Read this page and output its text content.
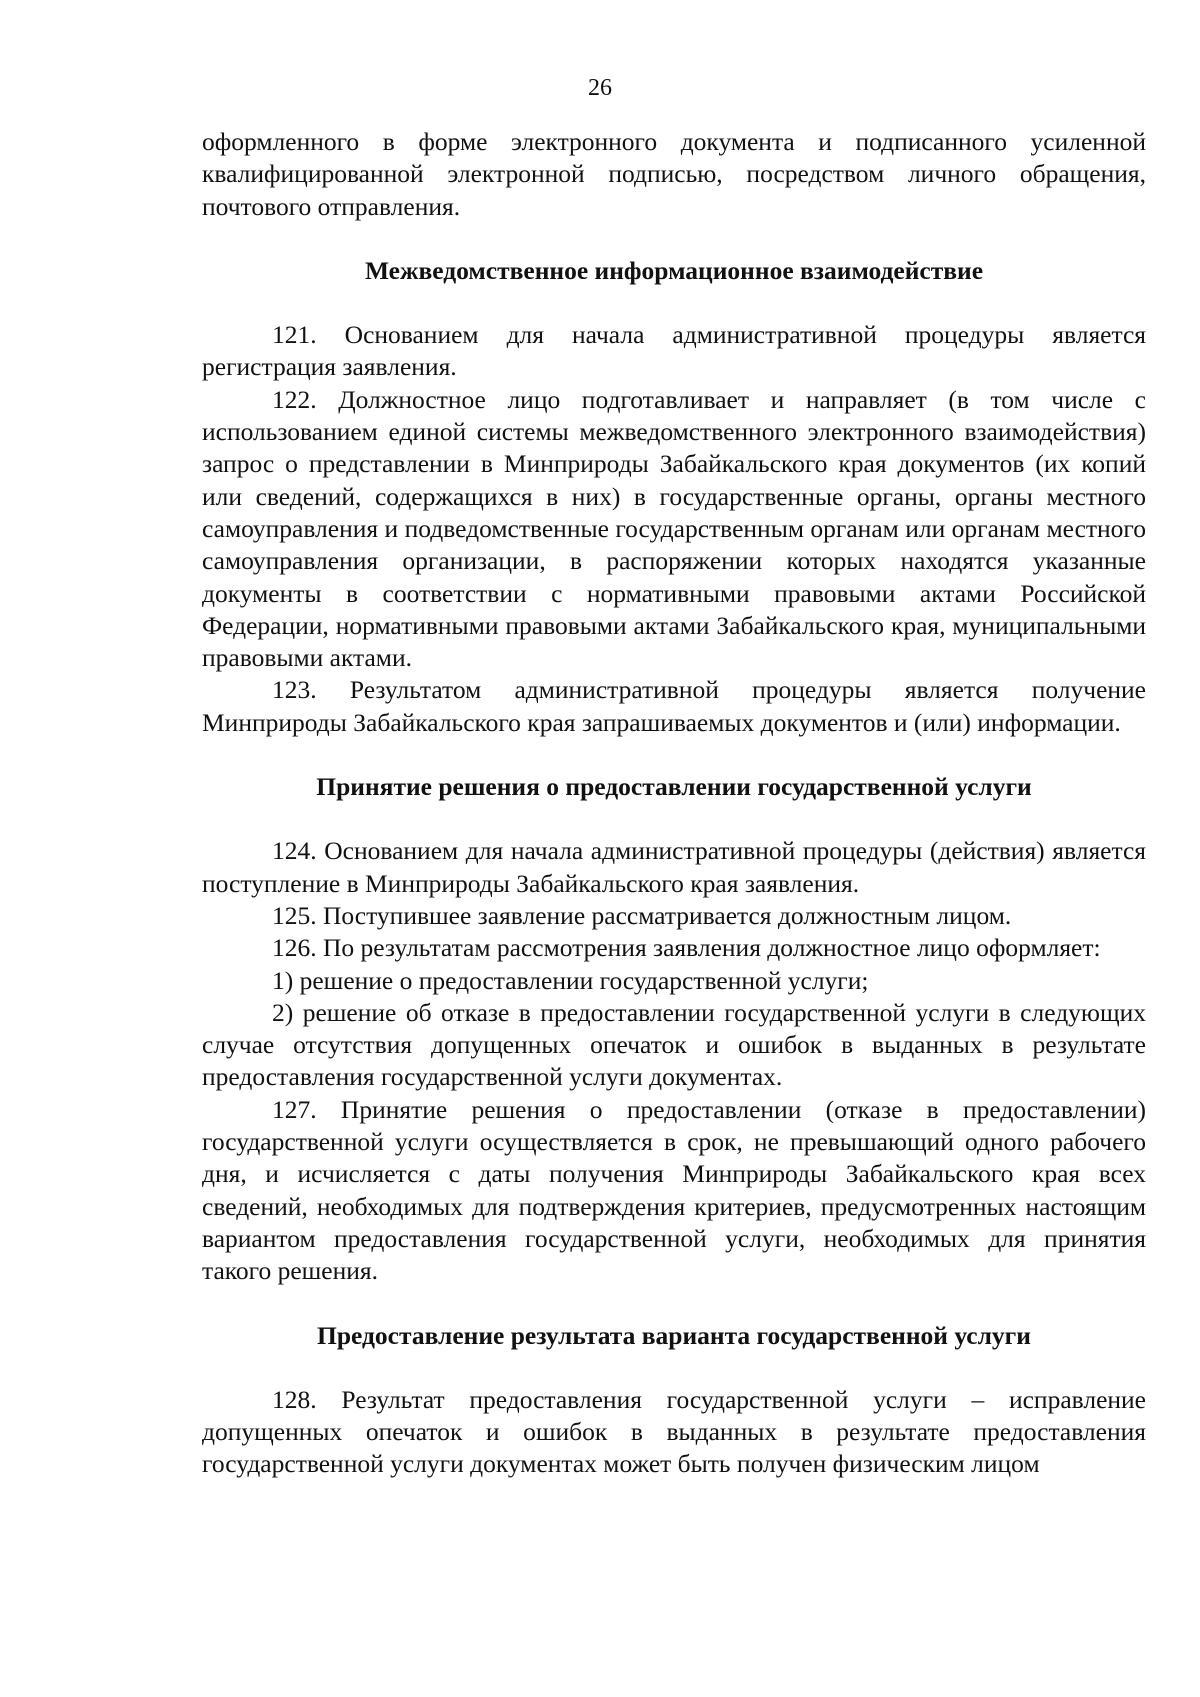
26

оформленного в форме электронного документа и подписанного усиленной квалифицированной электронной подписью, посредством личного обращения, почтового отправления.

Межведомственное информационное взаимодействие

121. Основанием для начала административной процедуры является регистрация заявления.

122. Должностное лицо подготавливает и направляет (в том числе с использованием единой системы межведомственного электронного взаимодействия) запрос о представлении в Минприроды Забайкальского края документов (их копий или сведений, содержащихся в них) в государственные органы, органы местного самоуправления и подведомственные государственным органам или органам местного самоуправления организации, в распоряжении которых находятся указанные документы в соответствии с нормативными правовыми актами Российской Федерации, нормативными правовыми актами Забайкальского края, муниципальными правовыми актами.

123. Результатом административной процедуры является получение Минприроды Забайкальского края запрашиваемых документов и (или) информации.

Принятие решения о предоставлении государственной услуги

124. Основанием для начала административной процедуры (действия) является поступление в Минприроды Забайкальского края заявления.

125. Поступившее заявление рассматривается должностным лицом.

126. По результатам рассмотрения заявления должностное лицо оформляет:

1) решение о предоставлении государственной услуги;

2) решение об отказе в предоставлении государственной услуги в следующих случае отсутствия допущенных опечаток и ошибок в выданных в результате предоставления государственной услуги документах.

127. Принятие решения о предоставлении (отказе в предоставлении) государственной услуги осуществляется в срок, не превышающий одного рабочего дня, и исчисляется с даты получения Минприроды Забайкальского края всех сведений, необходимых для подтверждения критериев, предусмотренных настоящим вариантом предоставления государственной услуги, необходимых для принятия такого решения.

Предоставление результата варианта государственной услуги

128. Результат предоставления государственной услуги – исправление допущенных опечаток и ошибок в выданных в результате предоставления государственной услуги документах может быть получен физическим лицом
